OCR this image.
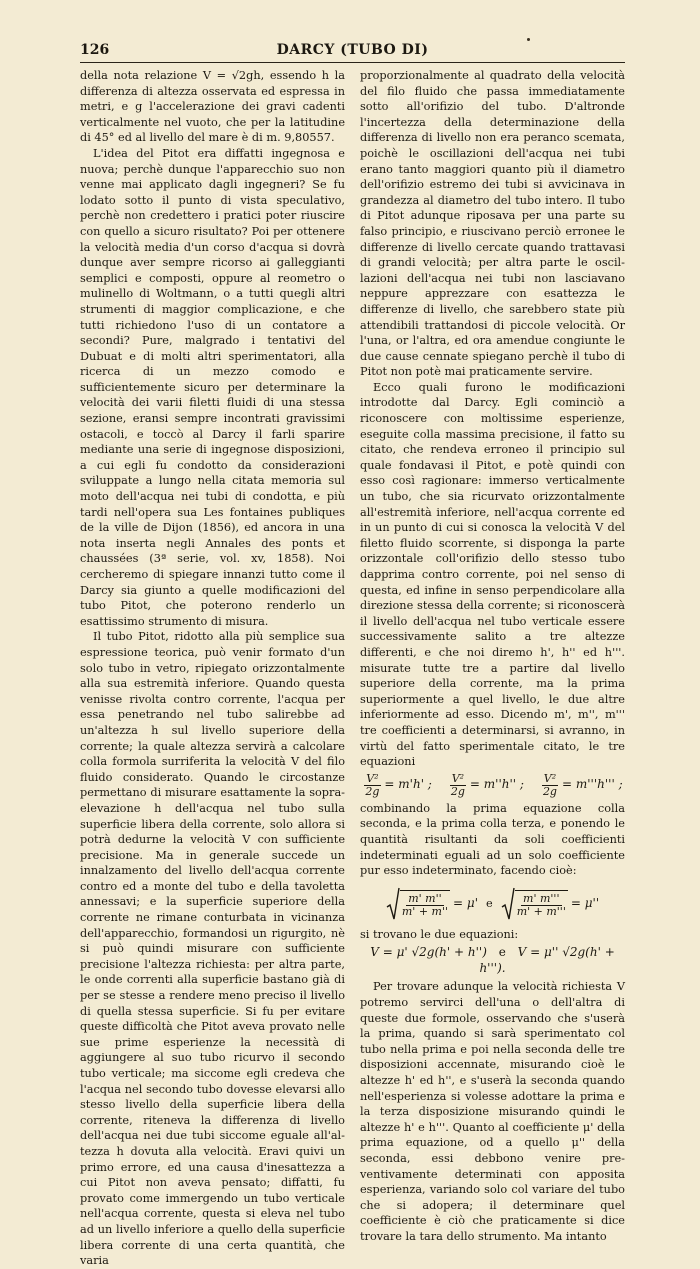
126	DARCY (TUBO DI)

della nota relazione V = √2gh, essendo h la differenza di altezza osservata ed espressa in metri, e g l'accelerazione dei gravi cadenti verticalmente nel vuoto, che per la latitudine di 45° ed al livello del mare è di m. 9,80557.

L'idea del Pitot era diffatti ingegnosa e nuova; perchè dunque l'apparecchio suo non venne mai applicato dagli ingegneri? Se fu lodato sotto il punto di vista speculativo, perchè non credettero i pratici poter riuscire con quello a sicuro risultato? Poi per ottenere la velocità media d'un corso d'acqua si dovrà dunque aver sempre ricorso ai galleggianti semplici e composti, oppure al reometro o mulinello di Woltmann, o a tutti quegli altri strumenti di maggior complicazione, e che tutti richiedono l'uso di un contatore a secondi? Pure, malgrado i tentativi del Dubuat e di molti altri sperimentatori, alla ricerca di un mezzo comodo e sufficientemente sicuro per determinare la velocità dei varii filetti fluidi di una stessa sezione, eransi sempre incontrati gravissimi ostacoli, e toccò al Darcy il farli sparire mediante una serie di ingegnose disposizioni, a cui egli fu condotto da considerazioni sviluppate a lungo nella citata memoria sul moto dell'acqua nei tubi di condotta, e più tardi nell'opera sua Les fontaines publiques de la ville de Dijon (1856), ed ancora in una nota inserta negli Annales des ponts et chaussées (3ª serie, vol. xv, 1858). Noi cercheremo di spiegare innanzi tutto come il Darcy sia giunto a quelle modificazioni del tubo Pitot, che poterono renderlo un esattissimo strumento di misura.

Il tubo Pitot, ridotto alla più semplice sua espressione teorica, può venir formato d'un solo tubo in vetro, ripiegato orizzontalmente alla sua estremità inferiore. Quando questa venisse rivolta contro corrente, l'acqua per essa penetrando nel tubo salirebbe ad un'altezza h sul livello superiore della corrente; la quale altezza servirà a calcolare colla formola surriferita la velocità V del filo fluido considerato. Quando le circostanze permettano di misurare esattamente la sopra-elevazione h dell'acqua nel tubo sulla superficie libera della corrente, solo allora si potrà dedurne la velocità V con sufficiente precisione. Ma in generale succede un innalzamento del livello dell'acqua corrente contro ed a monte del tubo e della tavoletta annessavi; e la superficie superiore della corrente ne rimane conturbata in vicinanza dell'apparecchio, formandosi un rigurgito, nè si può quindi misurare con sufficiente precisione l'altezza richiesta: per altra parte, le onde correnti alla superficie bastano già di per se stesse a rendere meno preciso il livello di quella stessa superficie. Si fu per evitare queste difficoltà che Pitot aveva provato nelle sue prime esperienze la necessità di aggiungere al suo tubo ricurvo il secondo tubo verticale; ma siccome egli credeva che l'acqua nel secondo tubo dovesse elevarsi allo stesso livello della superficie libera della corrente, riteneva la differenza di livello dell'acqua nei due tubi siccome eguale all'altezza h dovuta alla velocità. Eravi quivi un primo errore, ed una causa d'inesattezza a cui Pitot non aveva pensato; diffatti, fu provato come immergendo un tubo verticale nell'acqua corrente, questa si eleva nel tubo ad un livello inferiore a quello della superficie libera corrente di una certa quantità, che varia

proporzionalmente al quadrato della velocità del filo fluido che passa immediatamente sotto all'orifizio del tubo. D'altronde l'incertezza della determinazione della differenza di livello non era peranco scemata, poichè le oscillazioni dell'acqua nei tubi erano tanto maggiori quanto più il diametro dell'orifizio estremo dei tubi si avvicinava in grandezza al diametro del tubo intero. Il tubo di Pitot adunque riposava per una parte su falso principio, e riuscivano perciò erronee le differenze di livello cercate quando trattavasi di grandi velocità; per altra parte le oscillazioni dell'acqua nei tubi non lasciavano neppure apprezzare con esattezza le differenze di livello, che sarebbero state più attendibili trattandosi di piccole velocità. Or l'una, or l'altra, ed ora amendue congiunte le due cause cennate spiegano perchè il tubo di Pitot non potè mai praticamente servire.

Ecco quali furono le modificazioni introdotte dal Darcy. Egli cominciò a riconoscere con moltissime esperienze, eseguite colla massima precisione, il fatto su citato, che rendeva erroneo il principio sul quale fondavasi il Pitot, e potè quindi con esso così ragionare: immerso verticalmente un tubo, che sia ricurvato orizzontalmente all'estremità inferiore, nell'acqua corrente ed in un punto di cui si conosca la velocità V del filetto fluido scorrente, si disponga la parte orizzontale coll'orifizio dello stesso tubo dapprima contro corrente, poi nel senso di questa, ed infine in senso perpendicolare alla direzione stessa della corrente; si riconoscerà il livello dell'acqua nel tubo verticale essere successivamente salito a tre altezze differenti, e che noi diremo h', h'' ed h'''. misurate tutte tre a partire dal livello superiore della corrente, ma la prima superiormente a quel livello, le due altre inferiormente ad esso. Dicendo m', m'', m''' tre coefficienti a determinarsi, si avranno, in virtù del fatto sperimentale citato, le tre equazioni

$\frac{\text{V²}}{2g} = m'h'$ ; $\frac{\text{V²}}{2g} = m''h''$ ; $\frac{\text{V²}}{2g} = m'''h'''$ ;

combinando la prima equazione colla seconda, e la prima colla terza, e ponendo le quantità risultanti da soli coefficienti indeterminati eguali ad un solo coefficiente pur esso indeterminato, facendo cioè:

$\frac{m' m''}{m' + m''} = \mu'$ e $\frac{m' m'''}{m' + m'''} = \mu''$

si trovano le due equazioni:

V = μ' √2g(h' + h'') e V = μ'' √2g(h' + h''').

Per trovare adunque la velocità richiesta V potremo servirci dell'una o dell'altra di queste due formole, osservando che s'userà la prima, quando si sarà sperimentato col tubo nella prima e poi nella seconda delle tre disposizioni accennate, misurando cioè le altezze h' ed h'', e s'userà la seconda quando nell'esperienza si volesse adottare la prima e la terza disposizione misurando quindi le altezze h' e h'''. Quanto al coefficiente μ' della prima equazione, od a quello μ'' della seconda, essi debbono venire preventivamente determinati con apposita esperienza, variando solo col variare del tubo che si adopera; il determinare quel coefficiente è ciò che praticamente si dice trovare la tara dello strumento. Ma intanto
